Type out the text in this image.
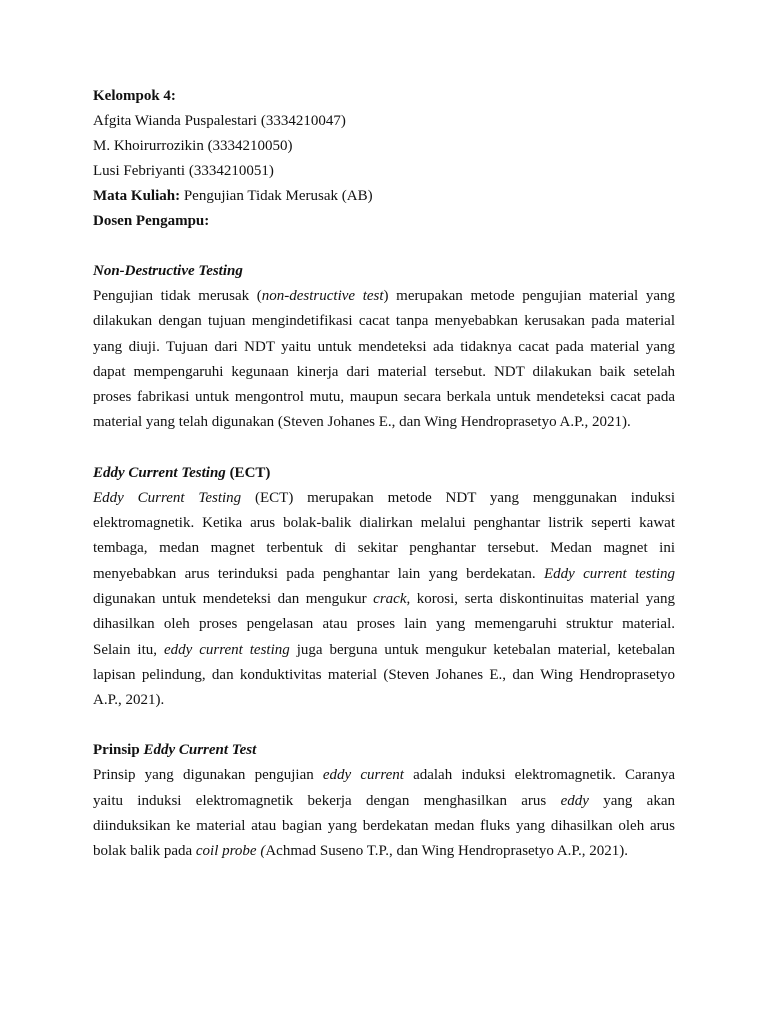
Kelompok 4:
Afgita Wianda Puspalestari (3334210047)
M. Khoirurrozikin (3334210050)
Lusi Febriyanti (3334210051)
Mata Kuliah: Pengujian Tidak Merusak (AB)
Dosen Pengampu:
Non-Destructive Testing
Pengujian tidak merusak (non-destructive test) merupakan metode pengujian material yang
dilakukan dengan tujuan mengindetifikasi cacat tanpa menyebabkan kerusakan pada material
yang diuji. Tujuan dari NDT yaitu untuk mendeteksi ada tidaknya cacat pada material yang
dapat mempengaruhi kegunaan kinerja dari material tersebut. NDT dilakukan baik setelah
proses fabrikasi untuk mengontrol mutu, maupun secara berkala untuk mendeteksi cacat pada
material yang telah digunakan (Steven Johanes E., dan Wing Hendroprasetyo A.P., 2021).
Eddy Current Testing (ECT)
Eddy Current Testing (ECT) merupakan metode NDT yang menggunakan induksi
elektromagnetik. Ketika arus bolak-balik dialirkan melalui penghantar listrik seperti kawat
tembaga, medan magnet terbentuk di sekitar penghantar tersebut. Medan magnet ini
menyebabkan arus terinduksi pada penghantar lain yang berdekatan. Eddy current testing
digunakan untuk mendeteksi dan mengukur crack, korosi, serta diskontinuitas material yang
dihasilkan oleh proses pengelasan atau proses lain yang memengaruhi struktur material.
Selain itu, eddy current testing juga berguna untuk mengukur ketebalan material, ketebalan
lapisan pelindung, dan konduktivitas material (Steven Johanes E., dan Wing Hendroprasetyo
A.P., 2021).
Prinsip Eddy Current Test
Prinsip yang digunakan pengujian eddy current adalah induksi elektromagnetik. Caranya
yaitu induksi elektromagnetik bekerja dengan menghasilkan arus eddy yang akan
diinduksikan ke material atau bagian yang berdekatan medan fluks yang dihasilkan oleh arus
bolak balik pada coil probe (Achmad Suseno T.P., dan Wing Hendroprasetyo A.P., 2021).
